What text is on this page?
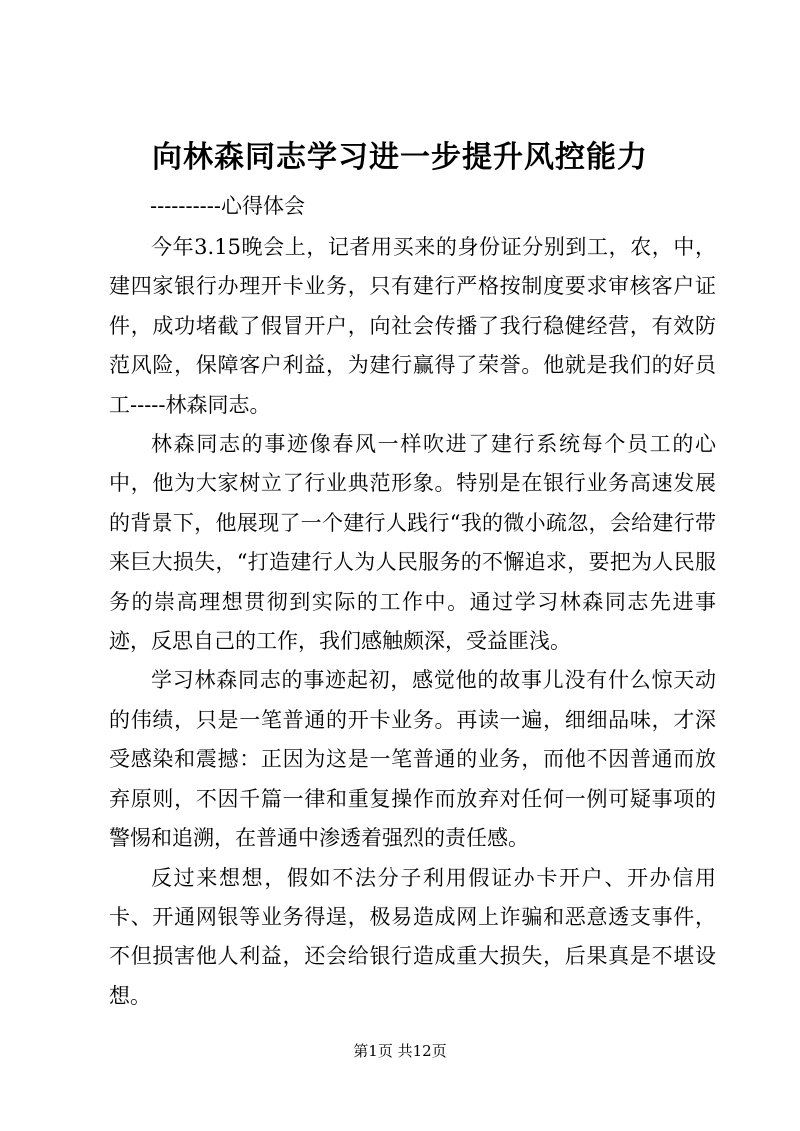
向林森同志学习进一步提升风控能力

----------心得体会

今年3.15晚会上，记者用买来的身份证分别到工，农，中，建四家银行办理开卡业务，只有建行严格按制度要求审核客户证件，成功堵截了假冒开户，向社会传播了我行稳健经营，有效防范风险，保障客户利益，为建行赢得了荣誉。他就是我们的好员工-----林森同志。

林森同志的事迹像春风一样吹进了建行系统每个员工的心中，他为大家树立了行业典范形象。特别是在银行业务高速发展的背景下，他展现了一个建行人践行“我的微小疏忽，会给建行带来巨大损失，“打造建行人为人民服务的不懈追求，要把为人民服务的崇高理想贯彻到实际的工作中。通过学习林森同志先进事迹，反思自己的工作，我们感触颇深，受益匪浅。

学习林森同志的事迹起初，感觉他的故事儿没有什么惊天动的伟绩，只是一笔普通的开卡业务。再读一遍，细细品味，才深受感染和震撼：正因为这是一笔普通的业务，而他不因普通而放弃原则，不因千篇一律和重复操作而放弃对任何一例可疑事项的警惕和追溯，在普通中渗透着强烈的责任感。

反过来想想，假如不法分子利用假证办卡开户、开办信用卡、开通网银等业务得逞，极易造成网上诈骗和恶意透支事件，不但损害他人利益，还会给银行造成重大损失，后果真是不堪设想。

第1页 共12页
